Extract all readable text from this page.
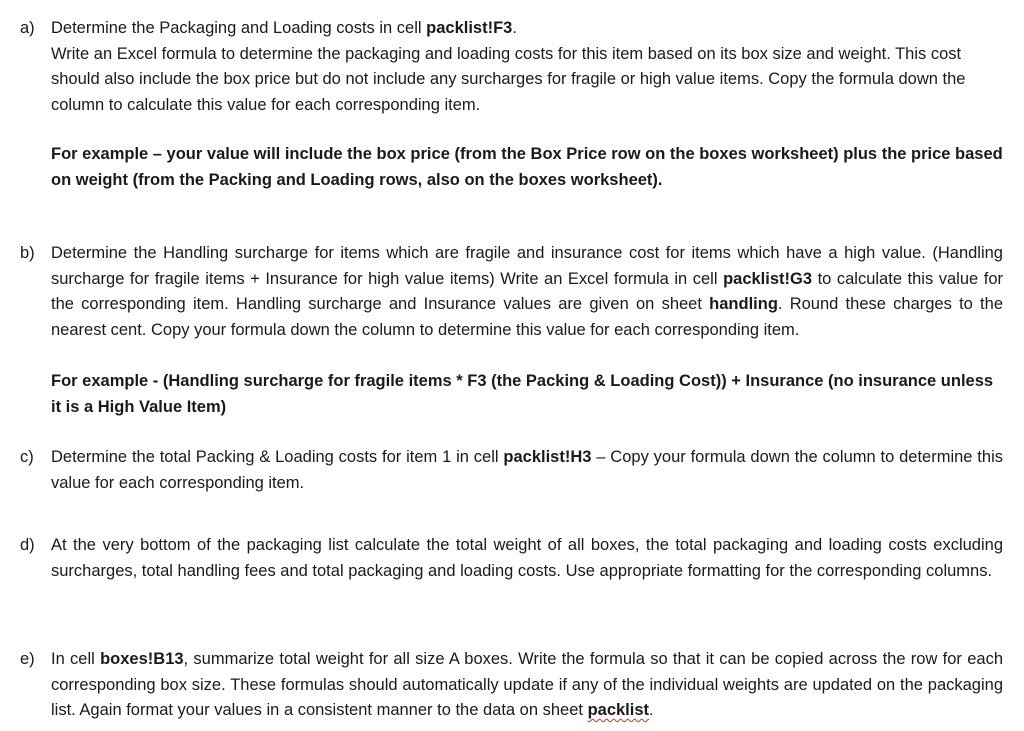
a) Determine the Packaging and Loading costs in cell packlist!F3.

Write an Excel formula to determine the packaging and loading costs for this item based on its box size and weight. This cost should also include the box price but do not include any surcharges for fragile or high value items. Copy the formula down the column to calculate this value for each corresponding item.

For example – your value will include the box price (from the Box Price row on the boxes worksheet) plus the price based on weight (from the Packing and Loading rows, also on the boxes worksheet).

b) Determine the Handling surcharge for items which are fragile and insurance cost for items which have a high value. (Handling surcharge for fragile items + Insurance for high value items) Write an Excel formula in cell packlist!G3 to calculate this value for the corresponding item. Handling surcharge and Insurance values are given on sheet handling. Round these charges to the nearest cent. Copy your formula down the column to determine this value for each corresponding item.

For example - (Handling surcharge for fragile items * F3 (the Packing & Loading Cost)) + Insurance (no insurance unless it is a High Value Item)

c)	Determine the total Packing & Loading costs for item 1 in cell packlist!H3 – Copy your formula down the column to determine this value for each corresponding item.

d) At the very bottom of the packaging list calculate the total weight of all boxes, the total packaging and loading costs excluding surcharges, total handling fees and total packaging and loading costs. Use appropriate formatting for the corresponding columns.

e) In cell boxes!B13, summarize total weight for all size A boxes. Write the formula so that it can be copied across the row for each corresponding box size. These formulas should automatically update if any of the individual weights are updated on the packaging list. Again format your values in a consistent manner to the data on sheet packlist.
